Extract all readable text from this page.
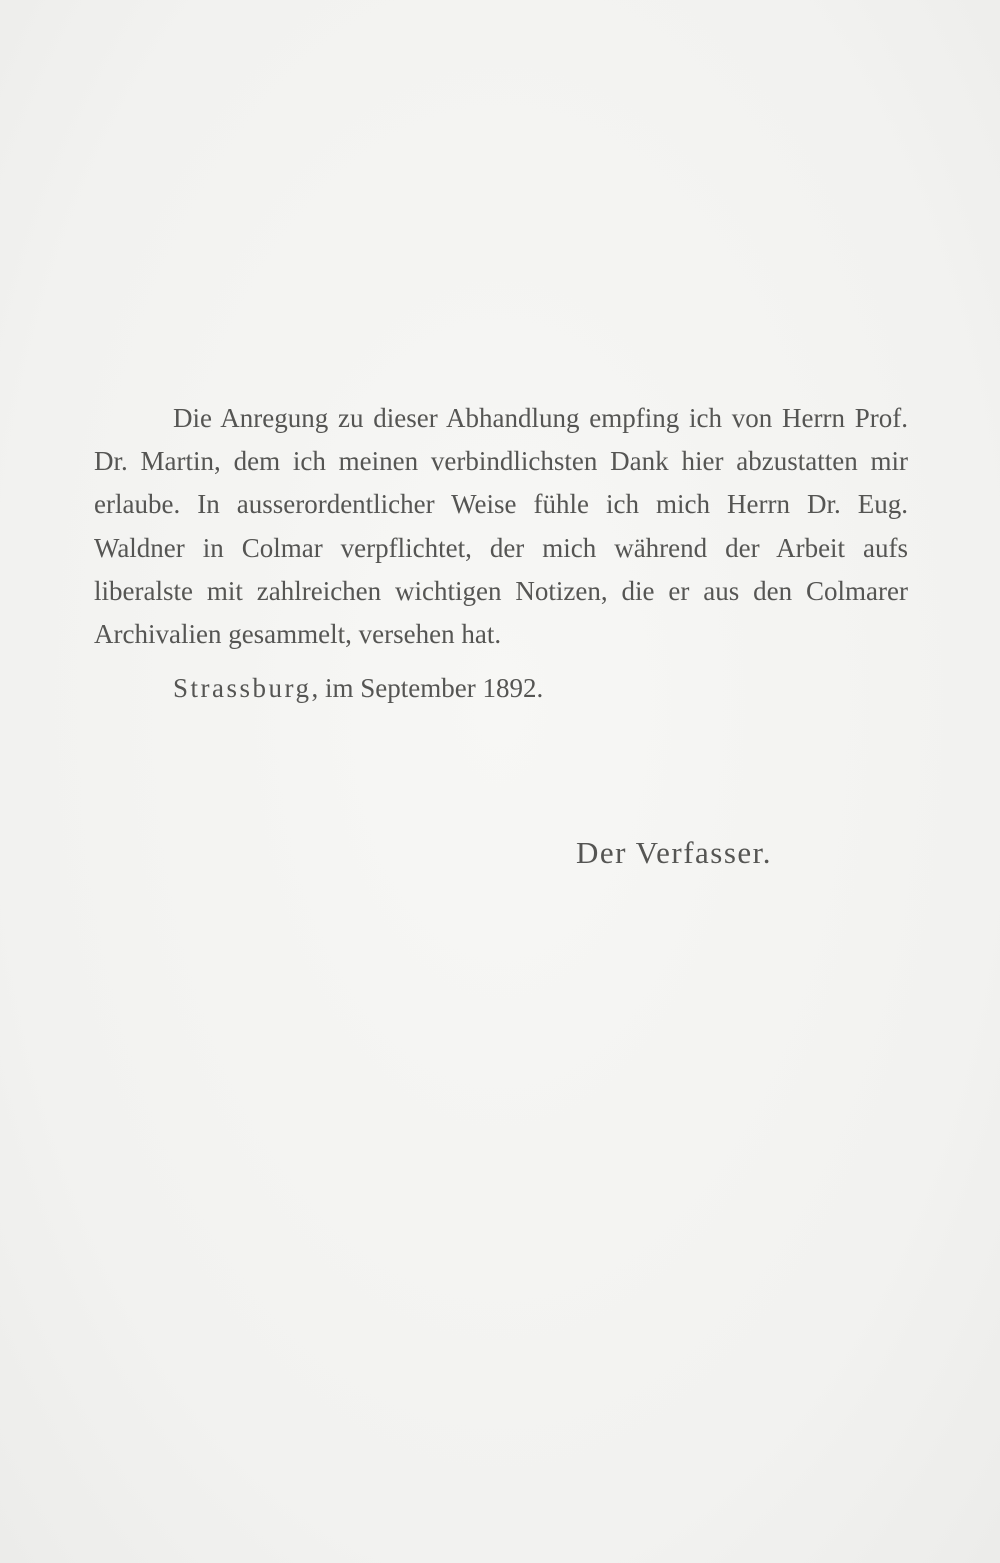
Die Anregung zu dieser Abhandlung empfing ich von Herrn Prof. Dr. Martin, dem ich meinen verbindlichsten Dank hier abzustatten mir erlaube. In ausserordentlicher Weise fühle ich mich Herrn Dr. Eug. Waldner in Colmar verpflichtet, der mich während der Arbeit aufs liberalste mit zahlreichen wichtigen Notizen, die er aus den Colmarer Archivalien gesammelt, versehen hat.

Strassburg, im September 1892.

Der Verfasser.
